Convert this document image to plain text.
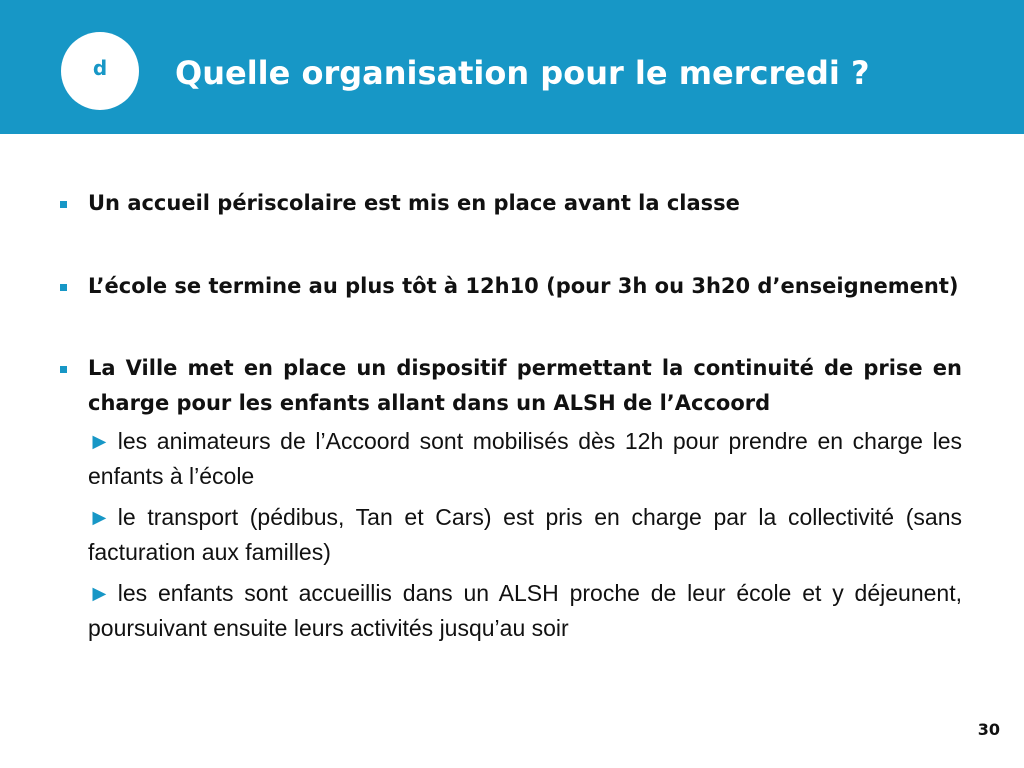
d	Quelle organisation pour le mercredi ?
Un accueil périscolaire est mis en place avant la classe
L’école se termine au plus tôt à 12h10 (pour 3h ou 3h20 d’enseignement)
La Ville met en place un dispositif permettant la continuité de prise en charge pour les enfants allant dans un ALSH de l’Accoord
► les animateurs de l’Accoord sont mobilisés dès 12h pour prendre en charge les enfants à l’école
► le transport (pédibus, Tan et Cars) est pris en charge par la collectivité (sans facturation aux familles)
► les enfants sont accueillis dans un ALSH proche de leur école et y déjeunent, poursuivant ensuite leurs activités jusqu’au soir
30
